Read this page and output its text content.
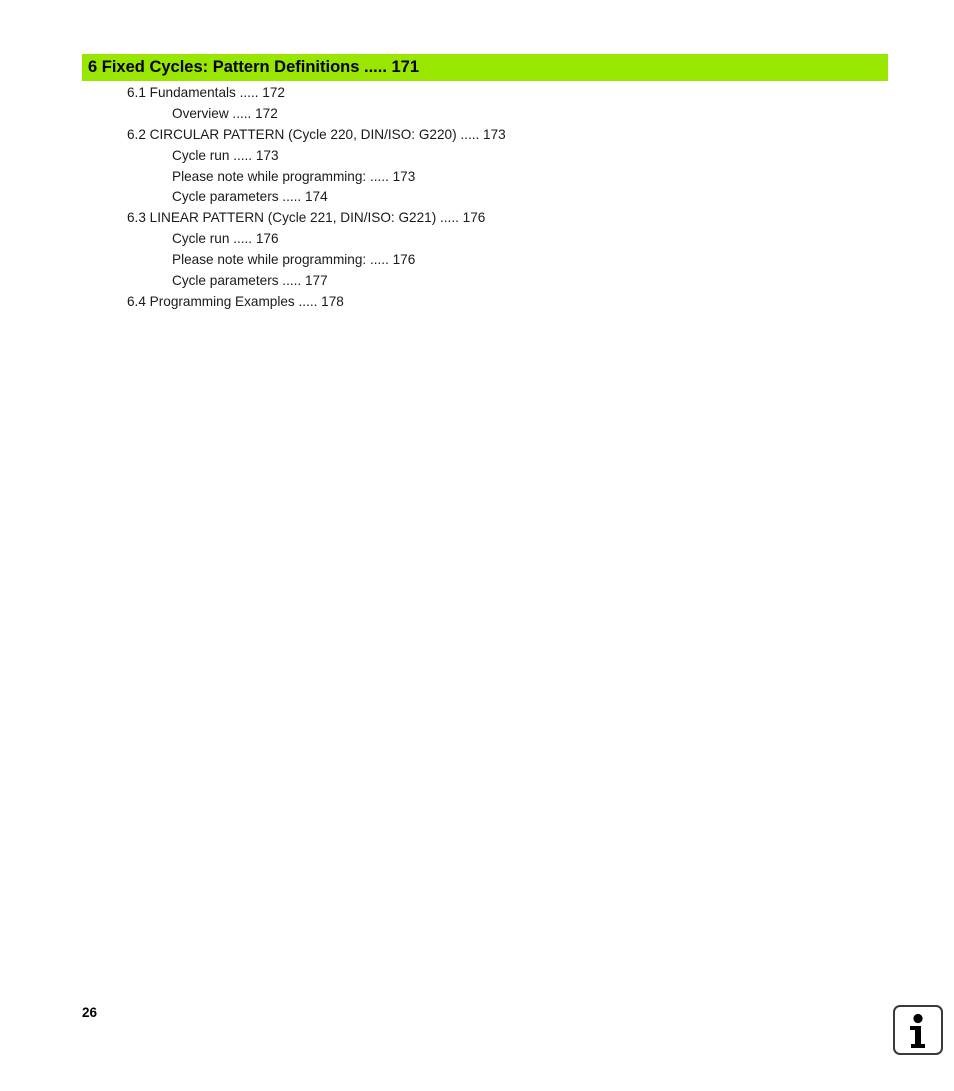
6 Fixed Cycles: Pattern Definitions ..... 171
6.1 Fundamentals ..... 172
Overview ..... 172
6.2 CIRCULAR PATTERN (Cycle 220, DIN/ISO: G220) ..... 173
Cycle run ..... 173
Please note while programming: ..... 173
Cycle parameters ..... 174
6.3 LINEAR PATTERN (Cycle 221, DIN/ISO: G221) ..... 176
Cycle run ..... 176
Please note while programming: ..... 176
Cycle parameters ..... 177
6.4 Programming Examples ..... 178
26
